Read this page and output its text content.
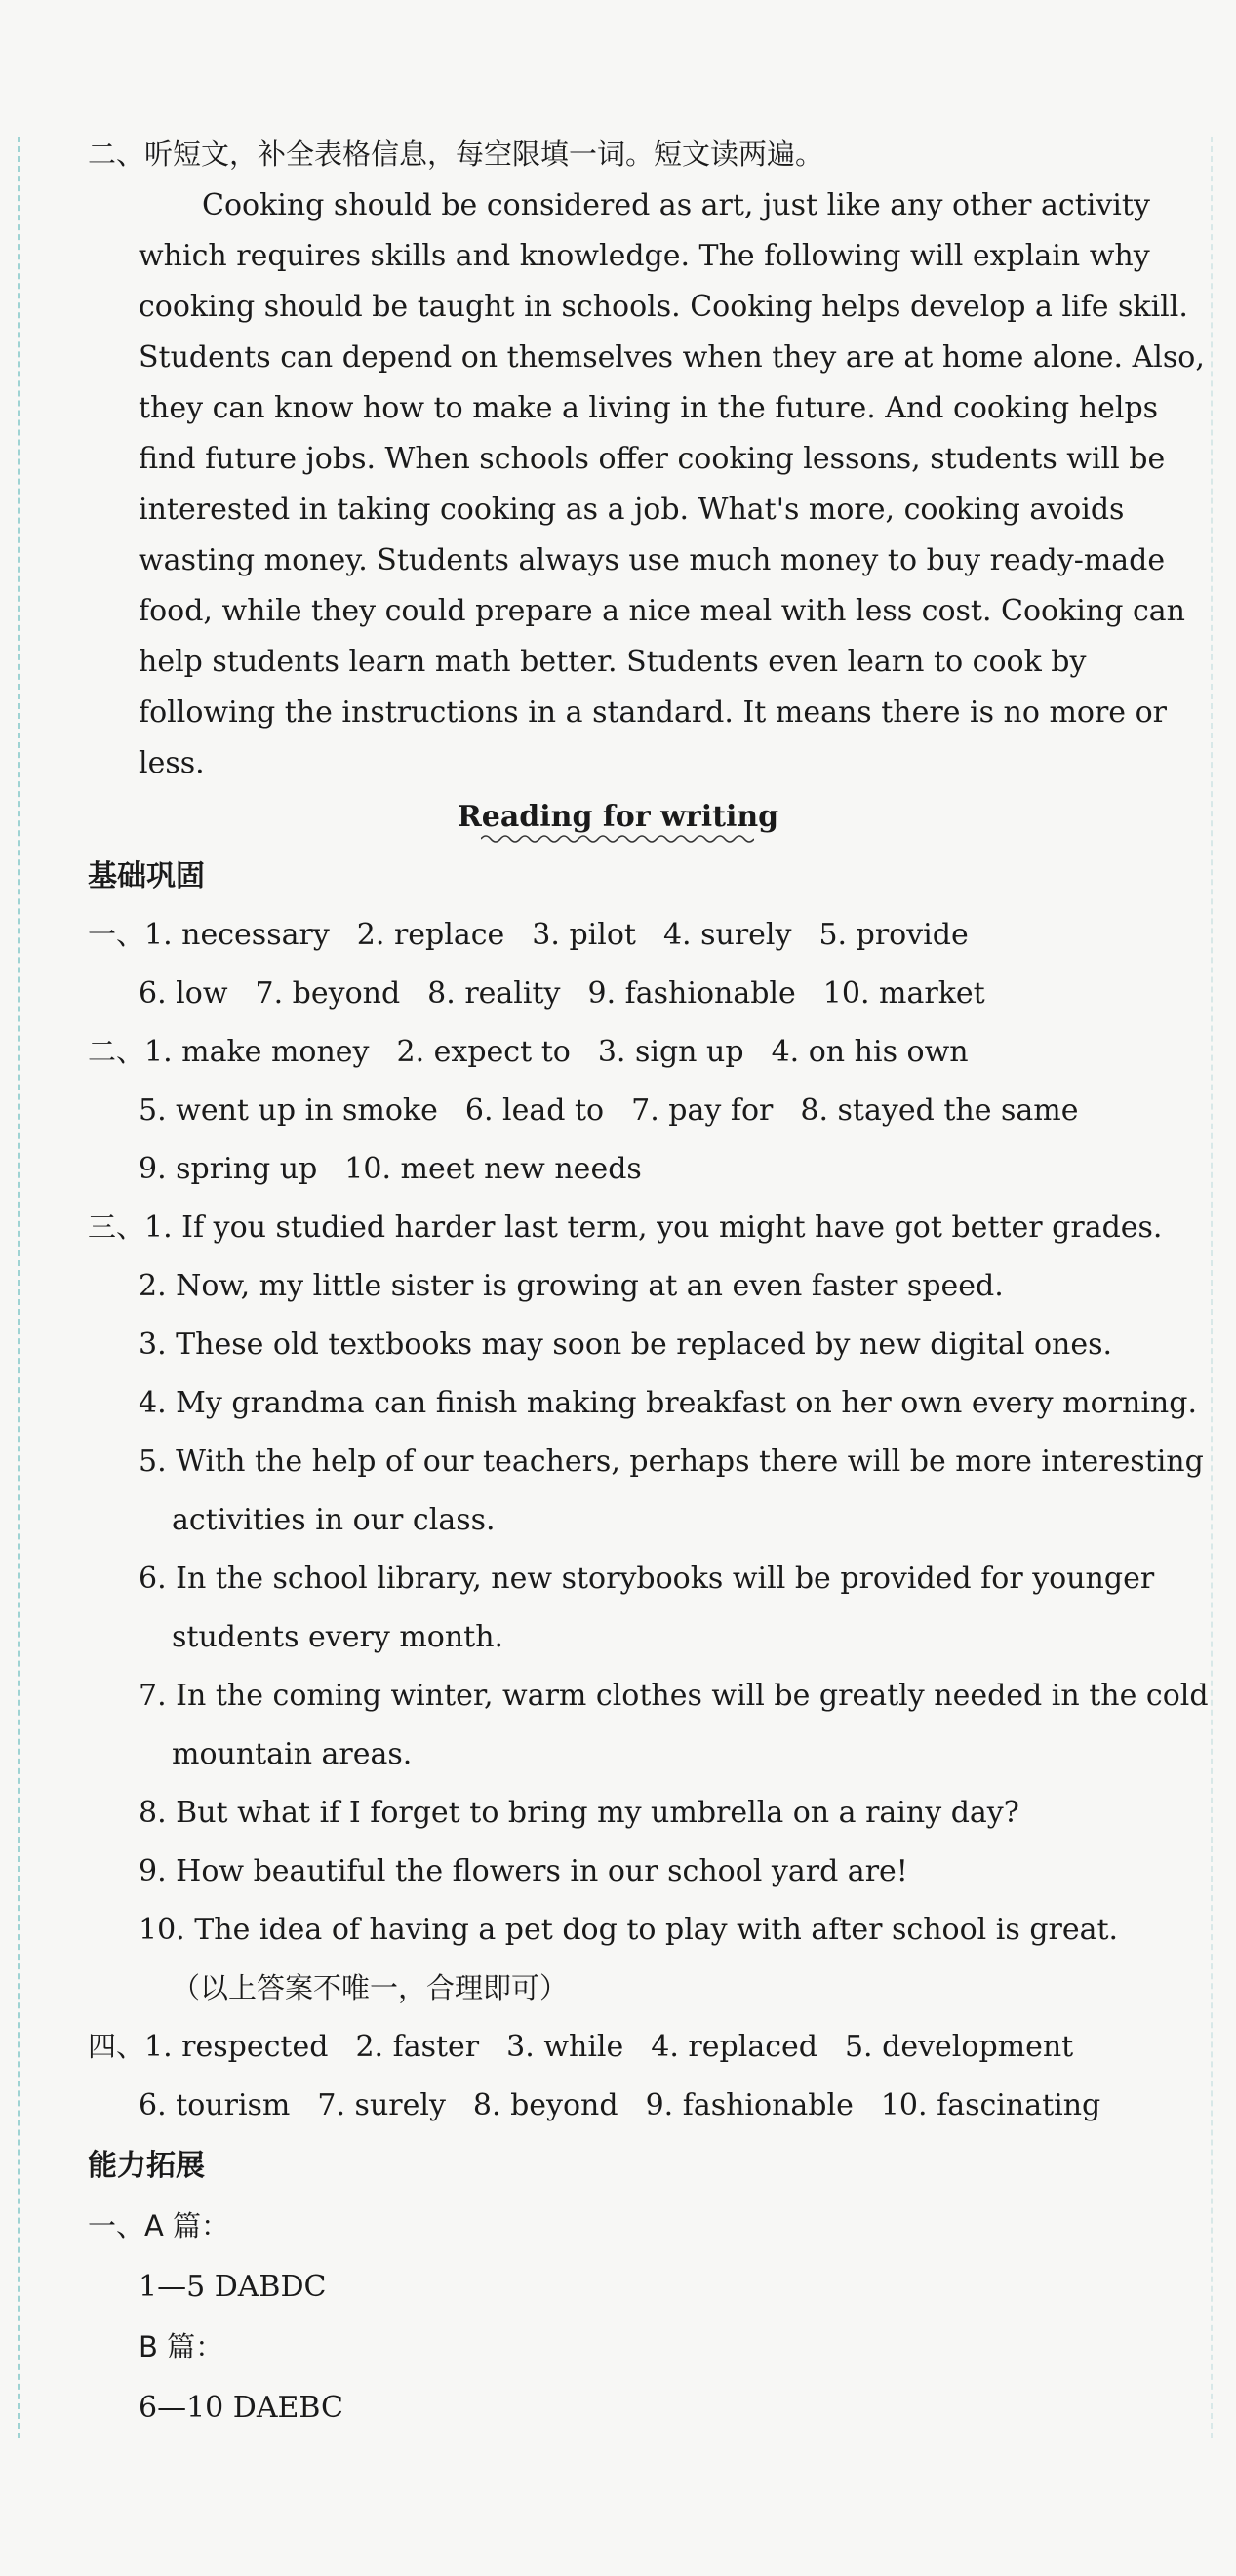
二、听短文，补全表格信息，每空限填一词。短文读两遍。
Cooking should be considered as art, just like any other activity
which requires skills and knowledge. The following will explain why
cooking should be taught in schools. Cooking helps develop a life skill.
Students can depend on themselves when they are at home alone. Also,
they can know how to make a living in the future. And cooking helps
find future jobs. When schools offer cooking lessons, students will be
interested in taking cooking as a job. What's more, cooking avoids
wasting money. Students always use much money to buy ready-made
food, while they could prepare a nice meal with less cost. Cooking can
help students learn math better. Students even learn to cook by
following the instructions in a standard. It means there is no more or
less.
Reading for writing
基础巩固
一、1. necessary 2. replace 3. pilot 4. surely 5. provide
6. low 7. beyond 8. reality 9. fashionable 10. market
二、1. make money 2. expect to 3. sign up 4. on his own
5. went up in smoke 6. lead to 7. pay for 8. stayed the same
9. spring up 10. meet new needs
三、1. If you studied harder last term, you might have got better grades.
2. Now, my little sister is growing at an even faster speed.
3. These old textbooks may soon be replaced by new digital ones.
4. My grandma can finish making breakfast on her own every morning.
5. With the help of our teachers, perhaps there will be more interesting
activities in our class.
6. In the school library, new storybooks will be provided for younger
students every month.
7. In the coming winter, warm clothes will be greatly needed in the cold
mountain areas.
8. But what if I forget to bring my umbrella on a rainy day?
9. How beautiful the flowers in our school yard are!
10. The idea of having a pet dog to play with after school is great.
（以上答案不唯一，合理即可）
四、1. respected 2. faster 3. while 4. replaced 5. development
6. tourism 7. surely 8. beyond 9. fashionable 10. fascinating
能力拓展
一、A 篇：
1—5 DABDC
B 篇：
6—10 DAEBC
